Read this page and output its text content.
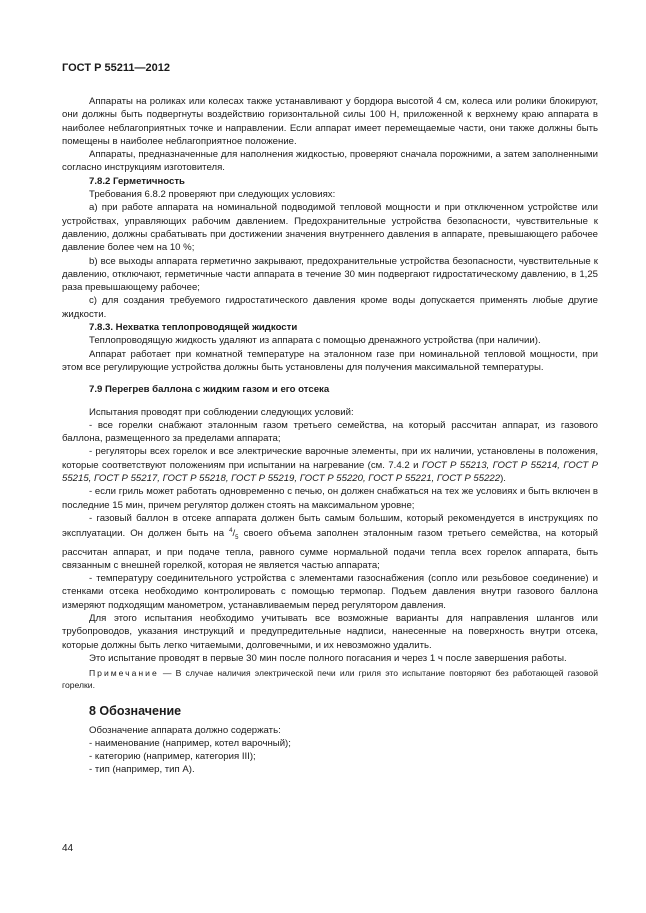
ГОСТ Р 55211—2012

Аппараты на роликах или колесах также устанавливают у бордюра высотой 4 см, колеса или ролики блокируют, они должны быть подвергнуты воздействию горизонтальной силы 100 Н, приложенной к верхнему краю аппарата в наиболее неблагоприятных точке и направлении. Если аппарат имеет перемещаемые части, они также должны быть помещены в наиболее неблагоприятное положение.

Аппараты, предназначенные для наполнения жидкостью, проверяют сначала порожними, а затем заполненными согласно инструкциям изготовителя.

7.8.2 Герметичность

Требования 6.8.2 проверяют при следующих условиях:

a) при работе аппарата на номинальной подводимой тепловой мощности и при отключенном устройстве или устройствах, управляющих рабочим давлением. Предохранительные устройства безопасности, чувствительные к давлению, должны срабатывать при достижении значения внутреннего давления в аппарате, превышающего рабочее давление более чем на 10 %;

b) все выходы аппарата герметично закрывают, предохранительные устройства безопасности, чувствительные к давлению, отключают, герметичные части аппарата в течение 30 мин подвергают гидростатическому давлению, в 1,25 раза превышающему рабочее;

c) для создания требуемого гидростатического давления кроме воды допускается применять любые другие жидкости.

7.8.3. Нехватка теплопроводящей жидкости

Теплопроводящую жидкость удаляют из аппарата с помощью дренажного устройства (при наличии).

Аппарат работает при комнатной температуре на эталонном газе при номинальной тепловой мощности, при этом все регулирующие устройства должны быть установлены для получения максимальной температуры.

7.9 Перегрев баллона с жидким газом и его отсека

Испытания проводят при соблюдении следующих условий:

- все горелки снабжают эталонным газом третьего семейства, на который рассчитан аппарат, из газового баллона, размещенного за пределами аппарата;

- регуляторы всех горелок и все электрические варочные элементы, при их наличии, установлены в положения, которые соответствуют положениям при испытании на нагревание (см. 7.4.2 и ГОСТ Р 55213, ГОСТ Р 55214, ГОСТ Р 55215, ГОСТ Р 55217, ГОСТ Р 55218, ГОСТ Р 55219, ГОСТ Р 55220, ГОСТ Р 55221, ГОСТ Р 55222).

- если гриль может работать одновременно с печью, он должен снабжаться на тех же условиях и быть включен в последние 15 мин, причем регулятор должен стоять на максимальном уровне;

- газовый баллон в отсеке аппарата должен быть самым большим, который рекомендуется в инструкциях по эксплуатации. Он должен быть на $^4/_5$ своего объема заполнен эталонным газом третьего семейства, на который рассчитан аппарат, и при подаче тепла, равного сумме нормальной подачи тепла всех горелок аппарата, быть связанным с внешней горелкой, которая не является частью аппарата;

- температуру соединительного устройства с элементами газоснабжения (сопло или резьбовое соединение) и стенками отсека необходимо контролировать с помощью термопар. Подъем давления внутри газового баллона измеряют подходящим манометром, устанавливаемым перед регулятором давления.

Для этого испытания необходимо учитывать все возможные варианты для направления шлангов или трубопроводов, указания инструкций и предупредительные надписи, нанесенные на поверхность внутри отсека, которые должны быть легко читаемыми, долговечными, и их невозможно удалить.

Это испытание проводят в первые 30 мин после полного погасания и через 1 ч после завершения работы.

Примечание — В случае наличия электрической печи или гриля это испытание повторяют без работающей газовой горелки.

8 Обозначение

Обозначение аппарата должно содержать:

- наименование (например, котел варочный);

- категорию (например, категория III);

- тип (например, тип А).

44
